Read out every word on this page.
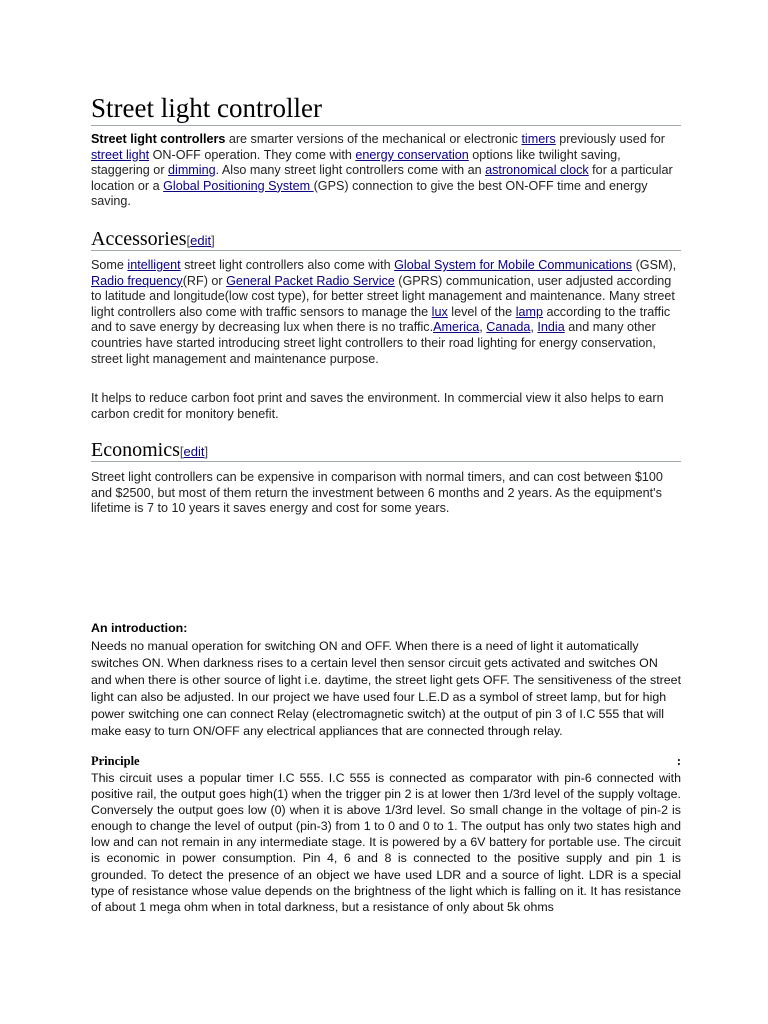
Street light controller

Street light controllers are smarter versions of the mechanical or electronic timers previously used for street light ON-OFF operation. They come with energy conservation options like twilight saving, staggering or dimming. Also many street light controllers come with an astronomical clock for a particular location or a Global Positioning System (GPS) connection to give the best ON-OFF time and energy saving.

Accessories[edit]

Some intelligent street light controllers also come with Global System for Mobile Communications (GSM), Radio frequency(RF) or General Packet Radio Service (GPRS) communication, user adjusted according to latitude and longitude(low cost type), for better street light management and maintenance. Many street light controllers also come with traffic sensors to manage the lux level of the lamp according to the traffic and to save energy by decreasing lux when there is no traffic.America, Canada, India and many other countries have started introducing street light controllers to their road lighting for energy conservation, street light management and maintenance purpose.

It helps to reduce carbon foot print and saves the environment. In commercial view it also helps to earn carbon credit for monitory benefit.

Economics[edit]

Street light controllers can be expensive in comparison with normal timers, and can cost between $100 and $2500, but most of them return the investment between 6 months and 2 years. As the equipment's lifetime is 7 to 10 years it saves energy and cost for some years.

An introduction:

Needs no manual operation for switching ON and OFF. When there is a need of light it automatically switches ON. When darkness rises to a certain level then sensor circuit gets activated and switches ON and when there is other source of light i.e. daytime, the street light gets OFF. The sensitiveness of the street light can also be adjusted. In our project we have used four L.E.D as a symbol of street lamp, but for high power switching one can connect Relay (electromagnetic switch) at the output of pin 3 of I.C 555 that will make easy to turn ON/OFF any electrical appliances that are connected through relay.

Principle	:

This circuit uses a popular timer I.C 555. I.C 555 is connected as comparator with pin-6 connected with positive rail, the output goes high(1) when the trigger pin 2 is at lower then 1/3rd level of the supply voltage. Conversely the output goes low (0) when it is above 1/3rd level. So small change in the voltage of pin-2 is enough to change the level of output (pin-3) from 1 to 0 and 0 to 1. The output has only two states high and low and can not remain in any intermediate stage. It is powered by a 6V battery for portable use. The circuit is economic in power consumption. Pin 4, 6 and 8 is connected to the positive supply and pin 1 is grounded. To detect the presence of an object we have used LDR and a source of light. LDR is a special type of resistance whose value depends on the brightness of the light which is falling on it. It has resistance of about 1 mega ohm when in total darkness, but a resistance of only about 5k ohms
